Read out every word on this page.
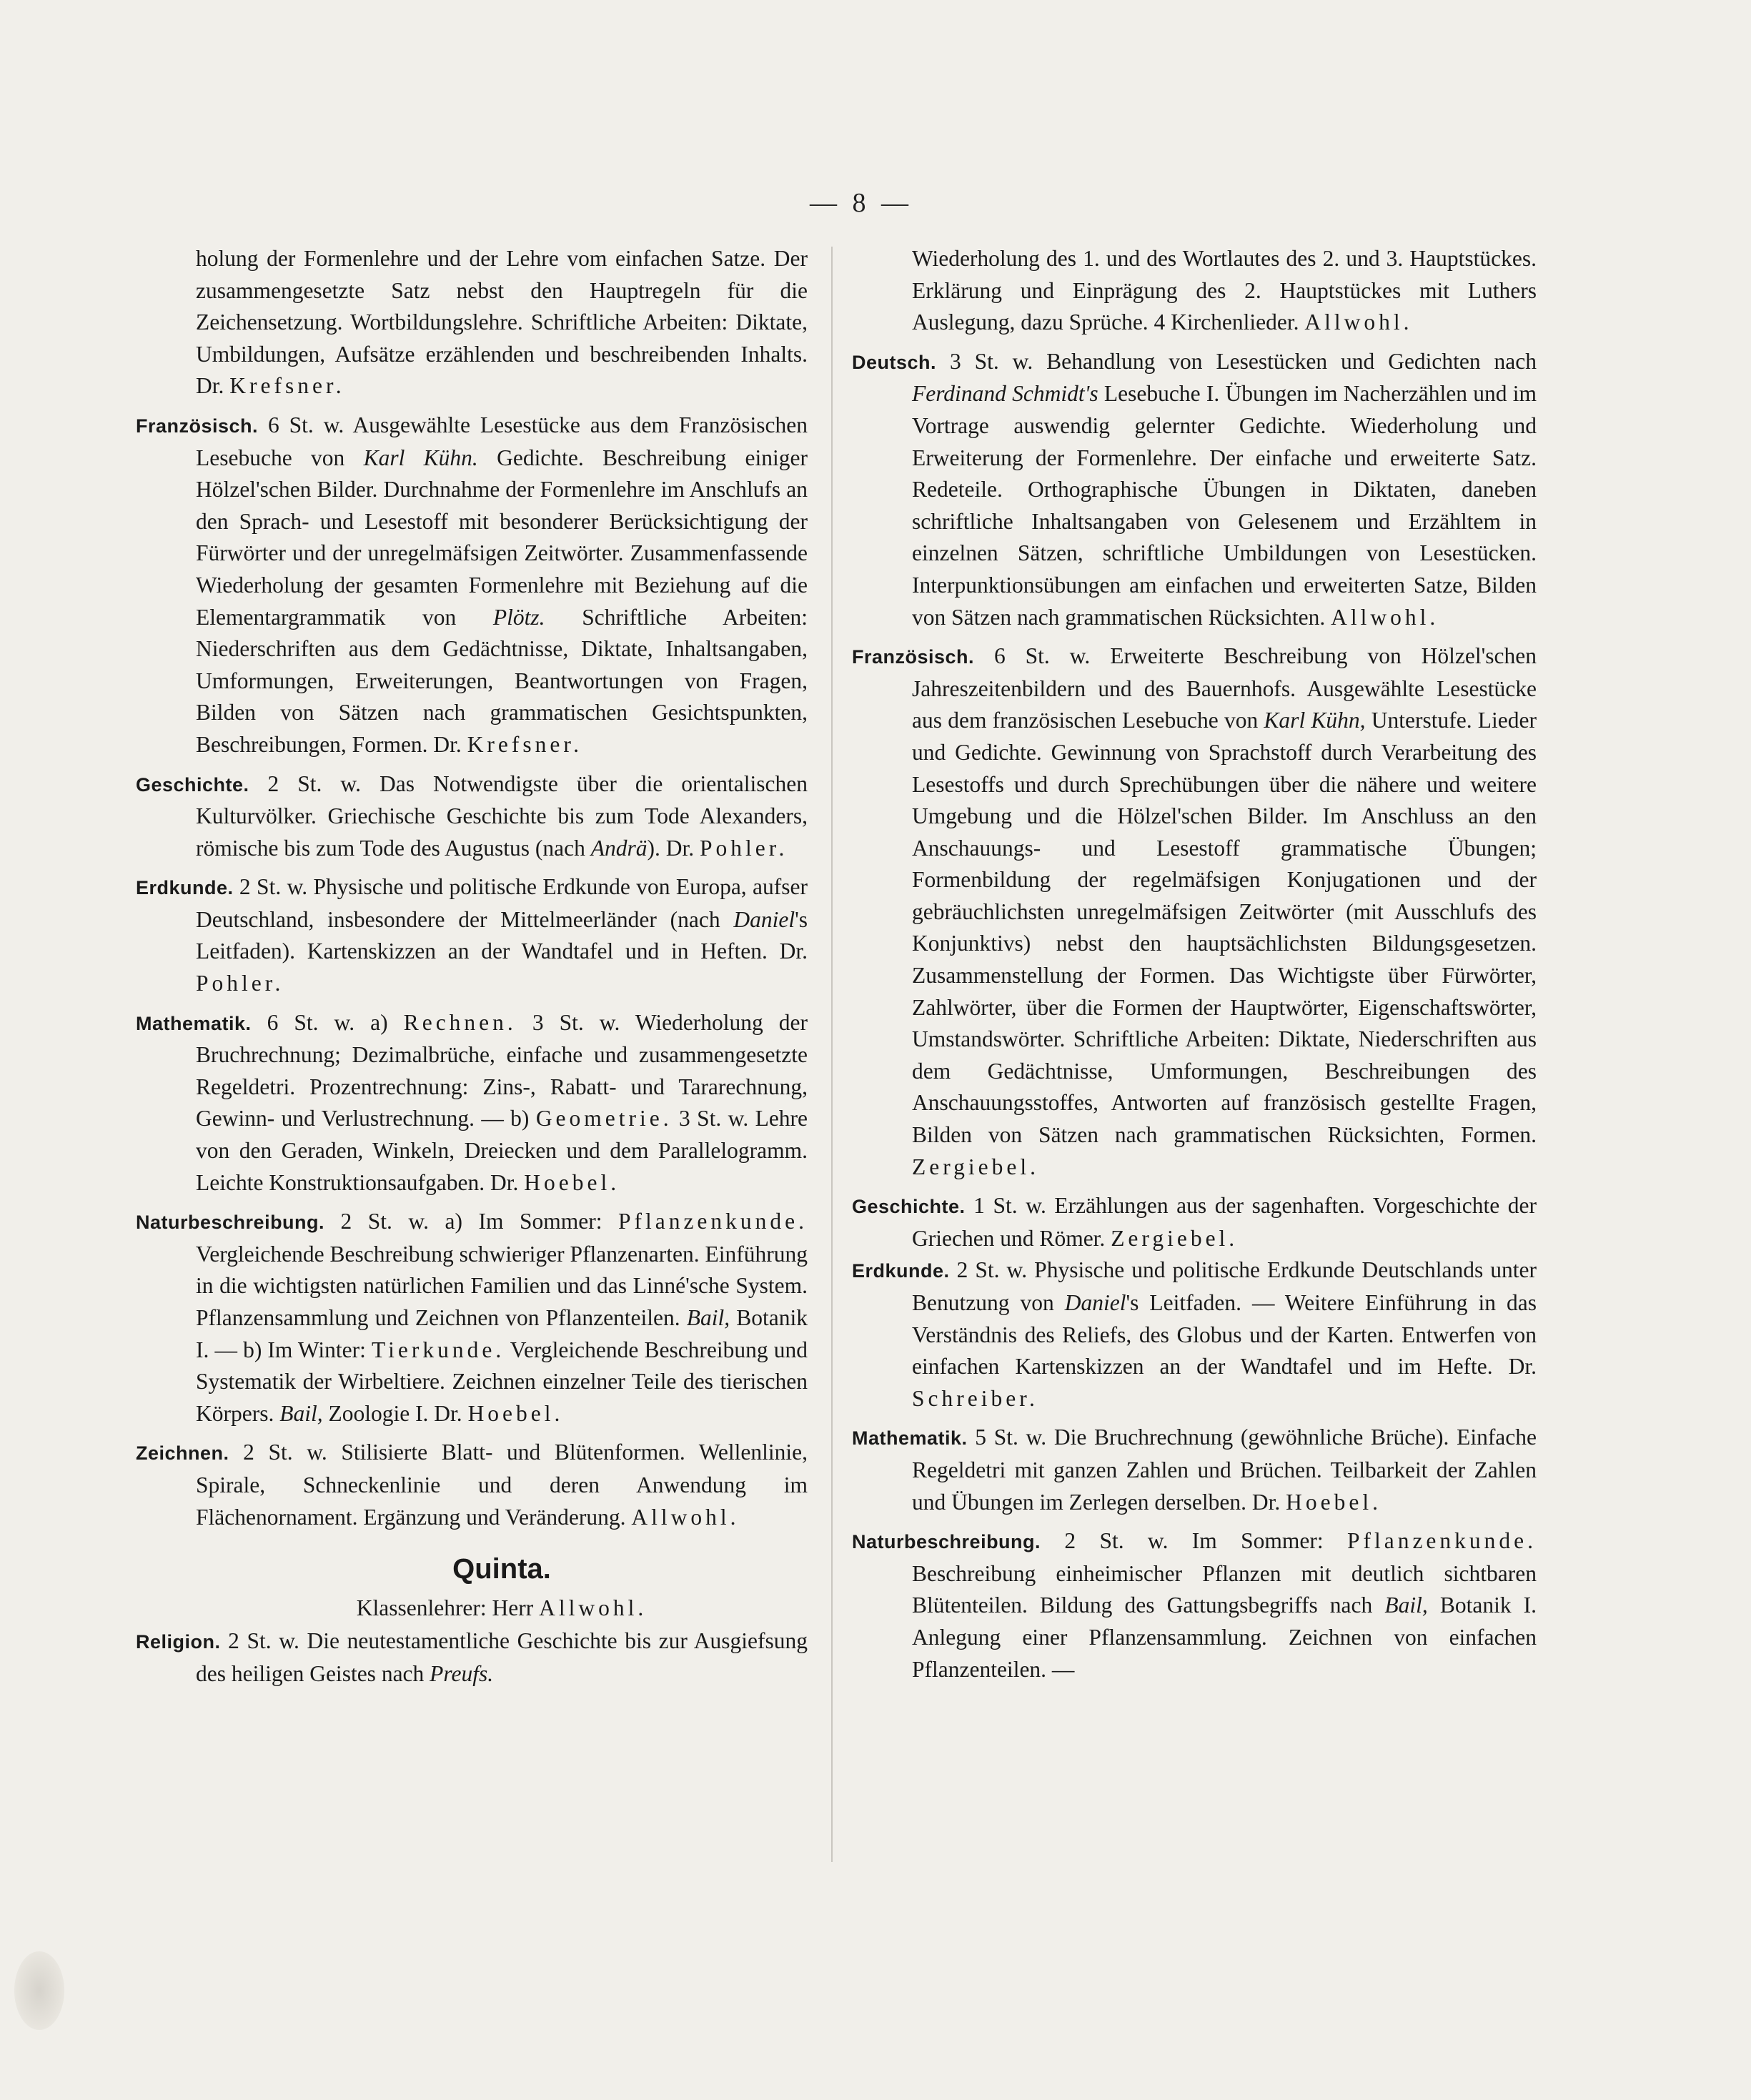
— 8 —

holung der Formenlehre und der Lehre vom einfachen Satze. Der zusammengesetzte Satz nebst den Hauptregeln für die Zeichensetzung. Wortbildungslehre. Schriftliche Arbeiten: Diktate, Umbildungen, Aufsätze erzählenden und beschreibenden Inhalts. Dr. Krefsner.

Französisch. 6 St. w. Ausgewählte Lesestücke aus dem Französischen Lesebuche von Karl Kühn. Gedichte. Beschreibung einiger Hölzel'schen Bilder. Durchnahme der Formenlehre im Anschlufs an den Sprach- und Lesestoff mit besonderer Berücksichtigung der Fürwörter und der unregelmäfsigen Zeitwörter. Zusammenfassende Wiederholung der gesamten Formenlehre mit Beziehung auf die Elementargrammatik von Plötz. Schriftliche Arbeiten: Niederschriften aus dem Gedächtnisse, Diktate, Inhaltsangaben, Umformungen, Erweiterungen, Beantwortungen von Fragen, Bilden von Sätzen nach grammatischen Gesichtspunkten, Beschreibungen, Formen. Dr. Krefsner.

Geschichte. 2 St. w. Das Notwendigste über die orientalischen Kulturvölker. Griechische Geschichte bis zum Tode Alexanders, römische bis zum Tode des Augustus (nach Andrä). Dr. Pohler.

Erdkunde. 2 St. w. Physische und politische Erdkunde von Europa, aufser Deutschland, insbesondere der Mittelmeerländer (nach Daniel's Leitfaden). Kartenskizzen an der Wandtafel und in Heften. Dr. Pohler.

Mathematik. 6 St. w. a) Rechnen. 3 St. w. Wiederholung der Bruchrechnung; Dezimalbrüche, einfache und zusammengesetzte Regeldetri. Prozentrechnung: Zins-, Rabatt- und Tararechnung, Gewinn- und Verlustrechnung. — b) Geometrie. 3 St. w. Lehre von den Geraden, Winkeln, Dreiecken und dem Parallelogramm. Leichte Konstruktionsaufgaben. Dr. Hoebel.

Naturbeschreibung. 2 St. w. a) Im Sommer: Pflanzenkunde. Vergleichende Beschreibung schwieriger Pflanzenarten. Einführung in die wichtigsten natürlichen Familien und das Linné'sche System. Pflanzensammlung und Zeichnen von Pflanzenteilen. Bail, Botanik I. — b) Im Winter: Tierkunde. Vergleichende Beschreibung und Systematik der Wirbeltiere. Zeichnen einzelner Teile des tierischen Körpers. Bail, Zoologie I. Dr. Hoebel.

Zeichnen. 2 St. w. Stilisierte Blatt- und Blütenformen. Wellenlinie, Spirale, Schneckenlinie und deren Anwendung im Flächenornament. Ergänzung und Veränderung. Allwohl.

Quinta.

Klassenlehrer: Herr Allwohl.

Religion. 2 St. w. Die neutestamentliche Geschichte bis zur Ausgiefsung des heiligen Geistes nach Preufs.

Wiederholung des 1. und des Wortlautes des 2. und 3. Hauptstückes. Erklärung und Einprägung des 2. Hauptstückes mit Luthers Auslegung, dazu Sprüche. 4 Kirchenlieder. Allwohl.

Deutsch. 3 St. w. Behandlung von Lesestücken und Gedichten nach Ferdinand Schmidt's Lesebuche I. Übungen im Nacherzählen und im Vortrage auswendig gelernter Gedichte. Wiederholung und Erweiterung der Formenlehre. Der einfache und erweiterte Satz. Redeteile. Orthographische Übungen in Diktaten, daneben schriftliche Inhaltsangaben von Gelesenem und Erzähltem in einzelnen Sätzen, schriftliche Umbildungen von Lesestücken. Interpunktionsübungen am einfachen und erweiterten Satze, Bilden von Sätzen nach grammatischen Rücksichten. Allwohl.

Französisch. 6 St. w. Erweiterte Beschreibung von Hölzel'schen Jahreszeitenbildern und des Bauernhofs. Ausgewählte Lesestücke aus dem französischen Lesebuche von Karl Kühn, Unterstufe. Lieder und Gedichte. Gewinnung von Sprachstoff durch Verarbeitung des Lesestoffs und durch Sprechübungen über die nähere und weitere Umgebung und die Hölzel'schen Bilder. Im Anschluss an den Anschauungs- und Lesestoff grammatische Übungen; Formenbildung der regelmäfsigen Konjugationen und der gebräuchlichsten unregelmäfsigen Zeitwörter (mit Ausschlufs des Konjunktivs) nebst den hauptsächlichsten Bildungsgesetzen. Zusammenstellung der Formen. Das Wichtigste über Fürwörter, Zahlwörter, über die Formen der Hauptwörter, Eigenschaftswörter, Umstandswörter. Schriftliche Arbeiten: Diktate, Niederschriften aus dem Gedächtnisse, Umformungen, Beschreibungen des Anschauungsstoffes, Antworten auf französisch gestellte Fragen, Bilden von Sätzen nach grammatischen Rücksichten, Formen. Zergiebel.

Geschichte. 1 St. w. Erzählungen aus der sagenhaften. Vorgeschichte der Griechen und Römer. Zergiebel.

Erdkunde. 2 St. w. Physische und politische Erdkunde Deutschlands unter Benutzung von Daniel's Leitfaden. — Weitere Einführung in das Verständnis des Reliefs, des Globus und der Karten. Entwerfen von einfachen Kartenskizzen an der Wandtafel und im Hefte. Dr. Schreiber.

Mathematik. 5 St. w. Die Bruchrechnung (gewöhnliche Brüche). Einfache Regeldetri mit ganzen Zahlen und Brüchen. Teilbarkeit der Zahlen und Übungen im Zerlegen derselben. Dr. Hoebel.

Naturbeschreibung. 2 St. w. Im Sommer: Pflanzenkunde. Beschreibung einheimischer Pflanzen mit deutlich sichtbaren Blütenteilen. Bildung des Gattungsbegriffs nach Bail, Botanik I. Anlegung einer Pflanzensammlung. Zeichnen von einfachen Pflanzenteilen. —
